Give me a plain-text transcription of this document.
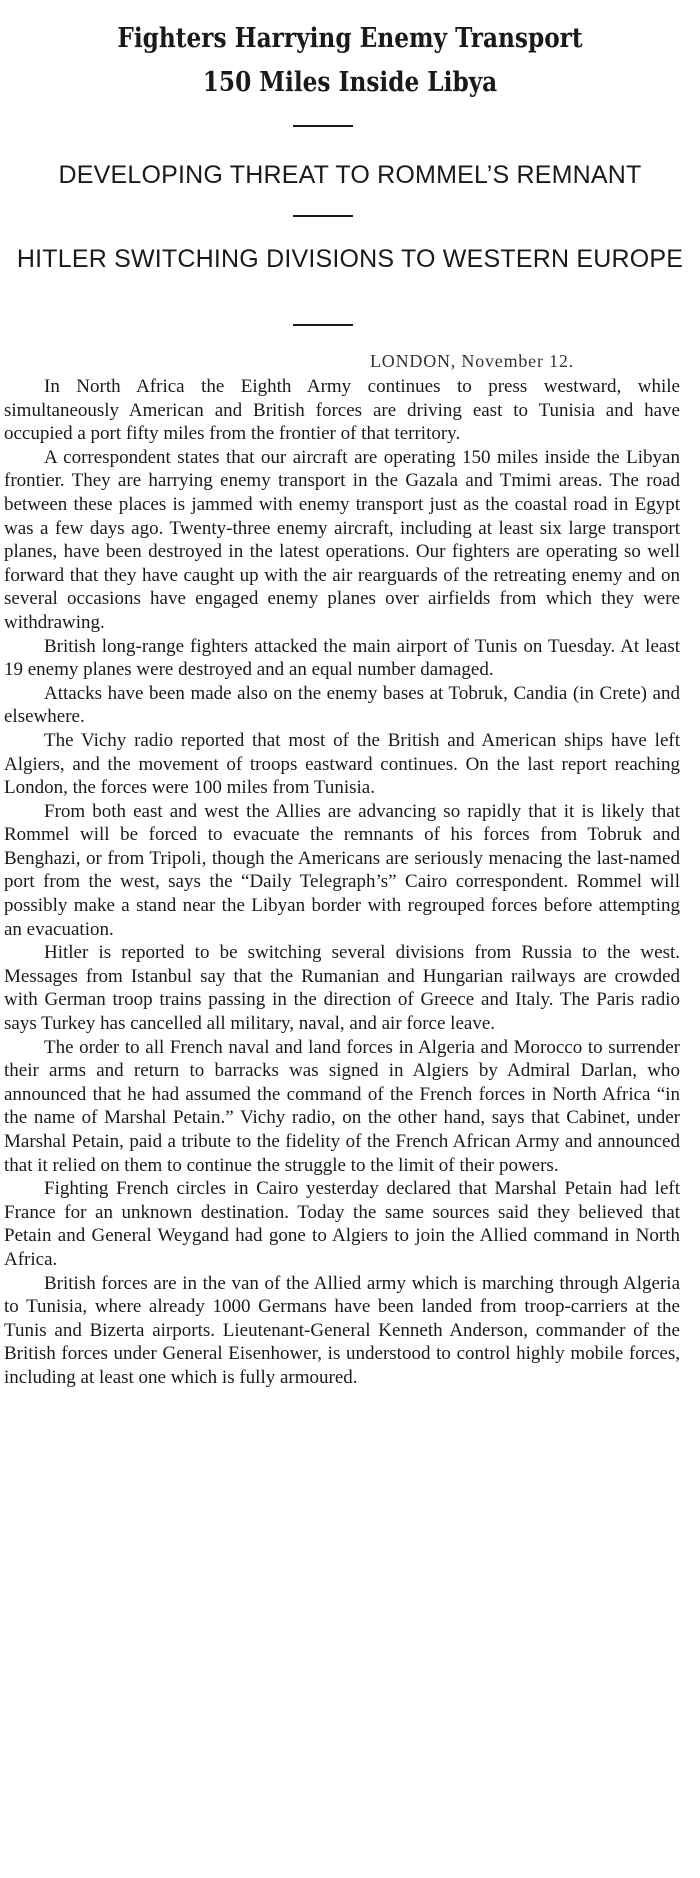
Fighters Harrying Enemy Transport
150 Miles Inside Libya
DEVELOPING THREAT TO ROMMEL’S REMNANT
HITLER SWITCHING DIVISIONS TO WESTERN EUROPE
LONDON, November 12.

In North Africa the Eighth Army continues to press westward, while simultaneously American and British forces are driving east to Tunisia and have occupied a port fifty miles from the frontier of that territory.

A correspondent states that our aircraft are operating 150 miles inside the Libyan frontier. They are harrying enemy transport in the Gazala and Tmimi areas. The road between these places is jammed with enemy transport just as the coastal road in Egypt was a few days ago. Twenty-three enemy aircraft, including at least six large transport planes, have been destroyed in the latest operations. Our fighters are operating so well forward that they have caught up with the air rearguards of the retreating enemy and on several occasions have engaged enemy planes over airfields from which they were withdrawing.

British long-range fighters attacked the main airport of Tunis on Tuesday. At least 19 enemy planes were destroyed and an equal number damaged.

Attacks have been made also on the enemy bases at Tobruk, Candia (in Crete) and elsewhere.

The Vichy radio reported that most of the British and American ships have left Algiers, and the movement of troops eastward continues. On the last report reaching London, the forces were 100 miles from Tunisia.

From both east and west the Allies are advancing so rapidly that it is likely that Rommel will be forced to evacuate the remnants of his forces from Tobruk and Benghazi, or from Tripoli, though the Americans are seriously menacing the last-named port from the west, says the “Daily Telegraph’s” Cairo correspondent. Rommel will possibly make a stand near the Libyan border with regrouped forces before attempting an evacuation.

Hitler is reported to be switching several divisions from Russia to the west. Messages from Istanbul say that the Rumanian and Hungarian railways are crowded with German troop trains passing in the direction of Greece and Italy. The Paris radio says Turkey has cancelled all military, naval, and air force leave.

The order to all French naval and land forces in Algeria and Morocco to surrender their arms and return to barracks was signed in Algiers by Admiral Darlan, who announced that he had assumed the command of the French forces in North Africa “in the name of Marshal Petain.” Vichy radio, on the other hand, says that Cabinet, under Marshal Petain, paid a tribute to the fidelity of the French African Army and announced that it relied on them to continue the struggle to the limit of their powers.

Fighting French circles in Cairo yesterday declared that Marshal Petain had left France for an unknown destination. Today the same sources said they believed that Petain and General Weygand had gone to Algiers to join the Allied command in North Africa.

British forces are in the van of the Allied army which is marching through Algeria to Tunisia, where already 1000 Germans have been landed from troop-carriers at the Tunis and Bizerta airports. Lieutenant-General Kenneth Anderson, commander of the British forces under General Eisenhower, is understood to control highly mobile forces, including at least one which is fully armoured.
